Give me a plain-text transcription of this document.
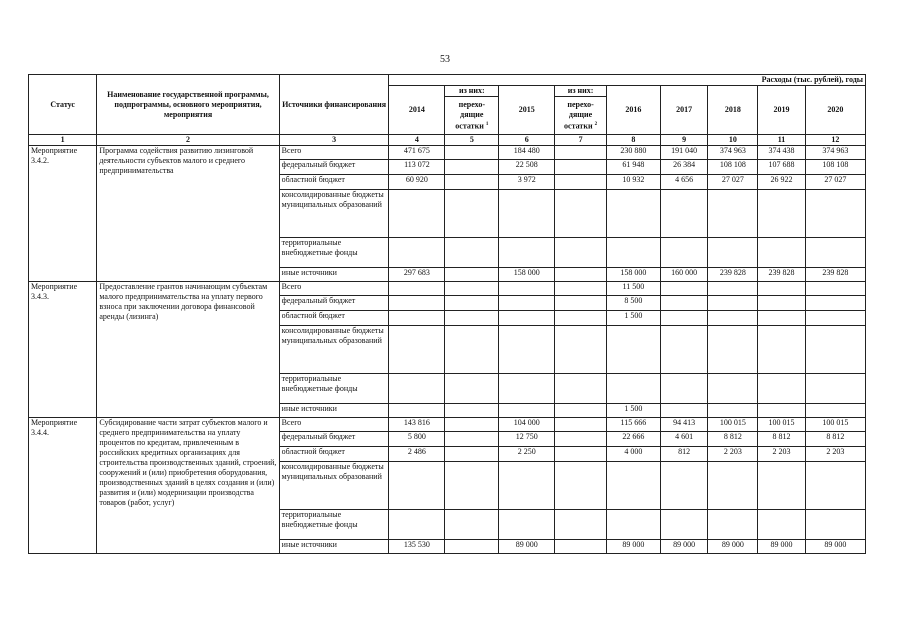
53
Статус	Наименование государственной программы, подпрограммы, основного мероприятия, мероприятия	Источники финансирования	Расходы (тыс. рублей), годы								
			2014	из них:	2015	из них:	2016	2017	2018	2019	2020
				перехо-дящие остатки $^1$		перехо-дящие остатки $^2$
1	2	3	4	5	6	7	8	9	10	11	12
Мероприятие 3.4.2.	Программа содействия развитию лизинговой деятельности субъектов малого и среднего предпринимательства	Всего	471 675		184 480		230 880	191 040	374 963	374 438	374 963
		федеральный бюджет	113 072		22 508		61 948	26 384	108 108	107 688	108 108
		областной бюджет	60 920		3 972		10 932	4 656	27 027	26 922	27 027
		консолидированные бюджеты муниципальных образований									
		территориальные внебюджетные фонды									
		иные источники	297 683		158 000		158 000	160 000	239 828	239 828	239 828
Мероприятие 3.4.3.	Предоставление грантов начинающим субъектам малого предпринимательства на уплату первого взноса при заключении договора финансовой аренды (лизинга)	Всего					11 500				
		федеральный бюджет					8 500				
		областной бюджет					1 500				
		консолидированные бюджеты муниципальных образований									
		территориальные внебюджетные фонды									
		иные источники					1 500				
Мероприятие 3.4.4.	Субсидирование части затрат субъектов малого и среднего предпринимательства на уплату процентов по кредитам, привлеченным в российских кредитных организациях для строительства производственных зданий, строений, сооружений и (или) приобретения оборудования, производственных зданий в целях создания и (или) развития и (или) модернизации производства товаров (работ, услуг)	Всего	143 816		104 000		115 666	94 413	100 015	100 015	100 015
		федеральный бюджет	5 800		12 750		22 666	4 601	8 812	8 812	8 812
		областной бюджет	2 486		2 250		4 000	812	2 203	2 203	2 203
		консолидированные бюджеты муниципальных образований									
		территориальные внебюджетные фонды									
		иные источники	135 530		89 000		89 000	89 000	89 000	89 000	89 000
